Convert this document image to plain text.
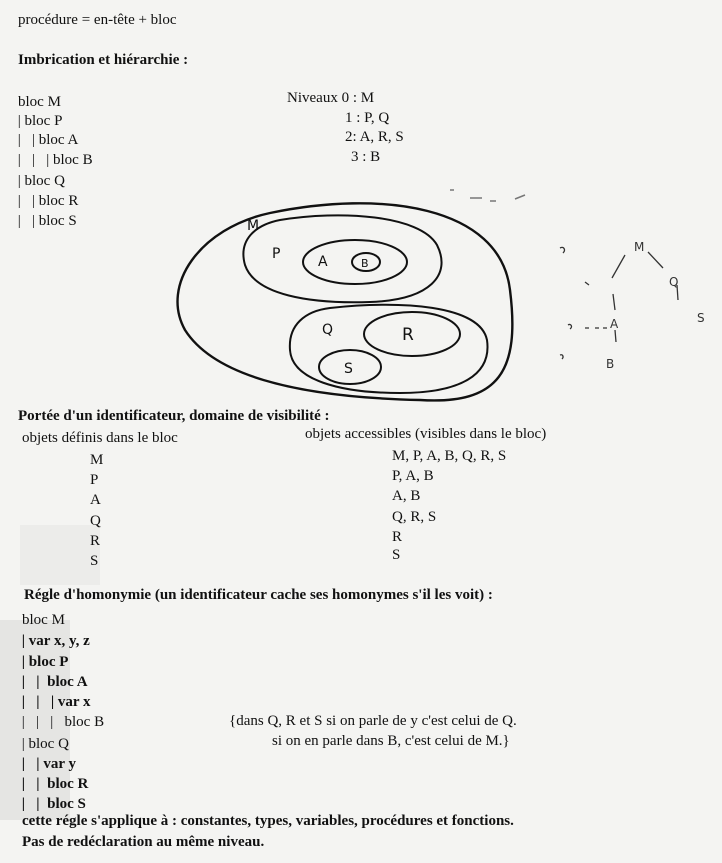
procédure = en-tête + bloc
Imbrication et hiérarchie :
bloc M
| bloc P
|   | bloc A
|   |   | bloc B
| bloc Q
|   | bloc R
|   | bloc S
Niveaux 0 : M
1 : P, Q
2: A, R, S
3 : B
M
P	A	B
Q	R
S
M
Q
A	S
B
Portée d'un identificateur, domaine de visibilité :
objets définis dans le bloc	objets accessibles (visibles dans le bloc)
M	M, P, A, B, Q, R, S
P	P, A, B
A	A, B
Q	Q, R, S
R	R
S	S
Régle d'homonymie (un identificateur cache ses homonymes s'il les voit) :
bloc M
| var x, y, z
| bloc P
|   |  bloc A
|   |   | var x
|   |   |   bloc B
| bloc Q
|   | var y
|   |  bloc R
|   |  bloc S
{dans Q, R et S si on parle de y c'est celui de Q.
si on en parle dans B, c'est celui de M.}
cette régle s'applique à : constantes, types, variables, procédures et fonctions.
Pas de redéclaration au même niveau.
